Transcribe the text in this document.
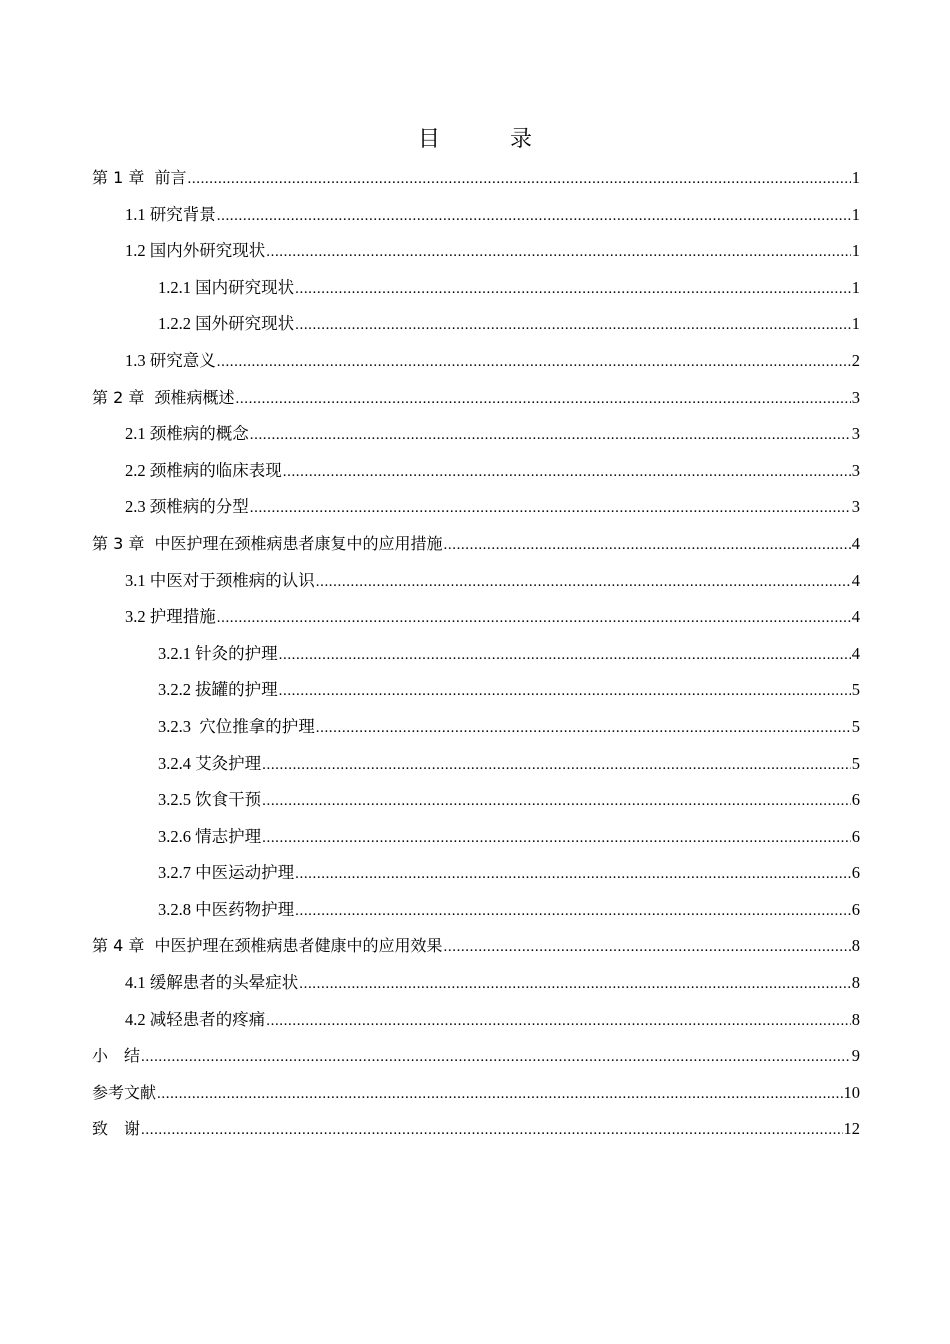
目　录
第 1 章  前言 .....	1
1.1 研究背景 .....	1
1.2 国内外研究现状 .....	1
1.2.1 国内研究现状 .....	1
1.2.2 国外研究现状 .....	1
1.3 研究意义 .....	2
第 2 章  颈椎病概述 .....	3
2.1 颈椎病的概念 .....	3
2.2 颈椎病的临床表现 .....	3
2.3 颈椎病的分型 .....	3
第 3 章  中医护理在颈椎病患者康复中的应用措施 .....	4
3.1 中医对于颈椎病的认识 .....	4
3.2 护理措施 .....	4
3.2.1 针灸的护理 .....	4
3.2.2 拔罐的护理 .....	5
3.2.3  穴位推拿的护理 .....	5
3.2.4 艾灸护理 .....	5
3.2.5 饮食干预 .....	6
3.2.6 情志护理 .....	6
3.2.7 中医运动护理 .....	6
3.2.8 中医药物护理 .....	6
第 4 章  中医护理在颈椎病患者健康中的应用效果 .....	8
4.1 缓解患者的头晕症状 .....	8
4.2 减轻患者的疼痛 .....	8
小　结 .....	9
参考文献 .....	10
致　谢 .....	12
